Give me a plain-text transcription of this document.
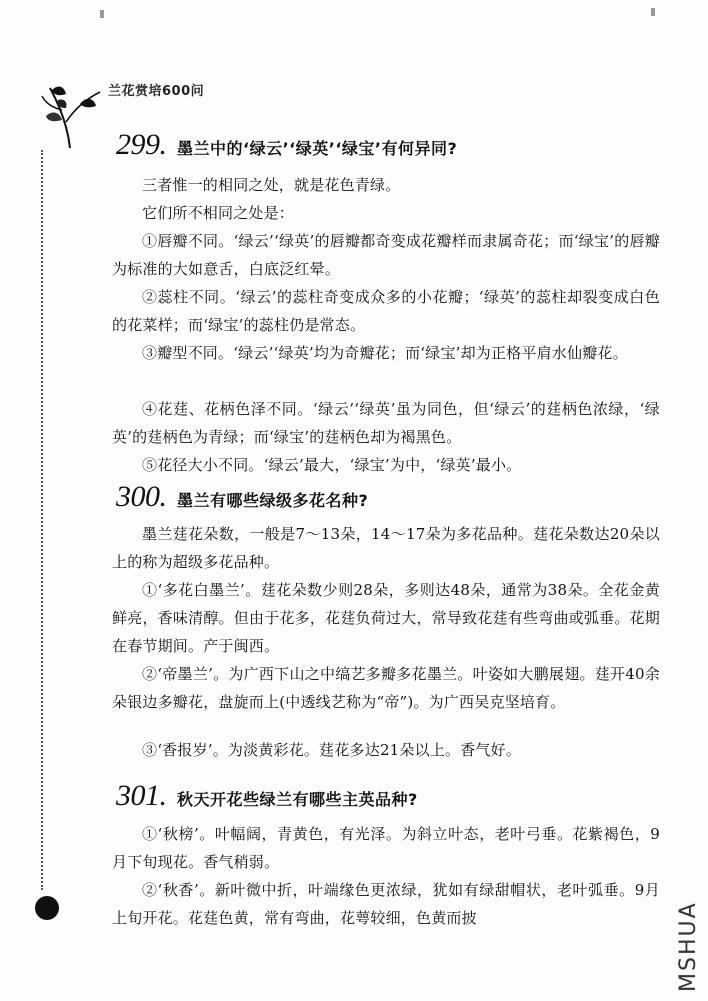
兰花赏培600问
299 . 墨兰中的‘绿云’‘绿英’‘绿宝’有何异同?
三者惟一的相同之处，就是花色青绿。
它们所不相同之处是：
①唇瓣不同。‘绿云’‘绿英’的唇瓣都奇变成花瓣样而隶属奇花；而‘绿宝’的唇瓣为标准的大如意舌，白底泛红晕。
②蕊柱不同。‘绿云’的蕊柱奇变成众多的小花瓣；‘绿英’的蕊柱却裂变成白色的花菜样；而‘绿宝’的蕊柱仍是常态。
③瓣型不同。‘绿云’‘绿英’均为奇瓣花；而‘绿宝’却为正格平肩水仙瓣花。
④花莛、花柄色泽不同。‘绿云’‘绿英’虽为同色，但‘绿云’的莛柄色浓绿，‘绿英’的莛柄色为青绿；而‘绿宝’的莛柄色却为褐黑色。
⑤花径大小不同。‘绿云’最大，‘绿宝’为中，‘绿英’最小。
300 . 墨兰有哪些绿级多花名种?
墨兰莛花朵数，一般是7～13朵，14～17朵为多花品种。莛花朵数达20朵以上的称为超级多花品种。
①‘多花白墨兰’。莛花朵数少则28朵，多则达48朵，通常为38朵。全花金黄鲜亮，香味清醇。但由于花多，花莛负荷过大，常导致花莛有些弯曲或弧垂。花期在春节期间。产于闽西。
②‘帝墨兰’。为广西下山之中缟艺多瓣多花墨兰。叶姿如大鹏展翅。莛开40余朵银边多瓣花，盘旋而上(中透线艺称为“帝”)。为广西吴克坚培育。
③‘香报岁’。为淡黄彩花。莛花多达21朵以上。香气好。
301 . 秋天开花些绿兰有哪些主英品种?
①‘秋榜’。叶幅阔，青黄色，有光泽。为斜立叶态，老叶弓垂。花紫褐色，9月下旬现花。香气稍弱。
②‘秋香’。新叶微中折，叶端缘色更浓绿，犹如有绿甜帽状，老叶弧垂。9月上旬开花。花莛色黄，常有弯曲，花萼较细，色黄而披	MSHUA
